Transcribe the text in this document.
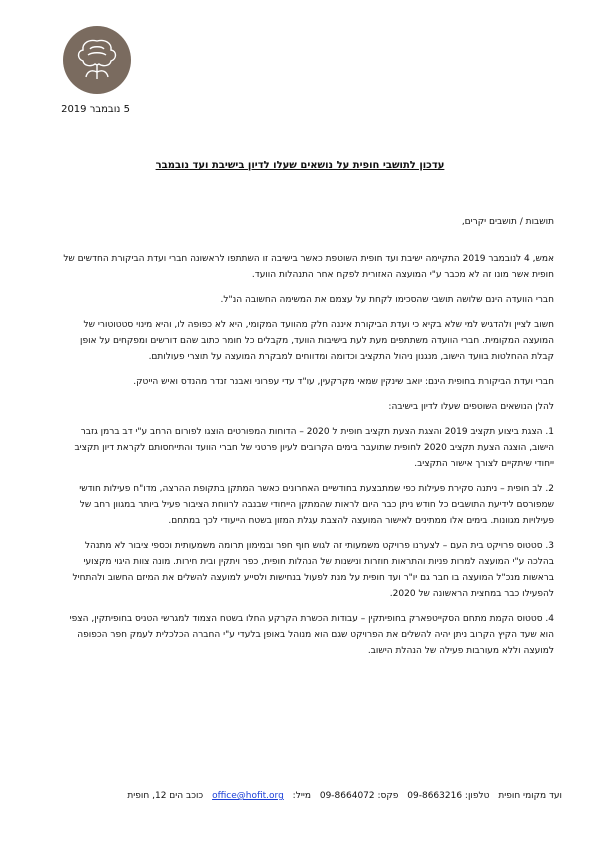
5 נובמבר 2019
עדכון לתושבי חופית על נושאים שעלו לדיון בישיבת ועד נובמבר

תושבות / תושבים יקרים,

אמש, 4 לנובמבר 2019 התקיימה ישיבת ועד חופית השוטפת כאשר בישיבה זו השתתפו לראשונה חברי ועדת הביקורת החדשים של חופית אשר מונו זה לא מכבר ע"י המועצה האזורית לפקח אחר התנהלות הוועד.

חברי הוועדה הינם שלושה תושבי שהסכימו לקחת על עצמם את המשימה החשובה הנ"ל.

חשוב לציין ולהדגיש למי שלא בקיא כי ועדת הביקורת איננה חלק מהוועד המקומי, היא לא כפופה לו, והיא מינוי סטטוטורי של המועצה המקומית. חברי הוועדה משתתפים מעת לעת בישיבות הוועד, מקבלים כל חומר כתוב שהם דורשים ומפקחים על אופן קבלת ההחלטות בוועד הישוב, מנגנון ניהול התקציב וכדומה ומדווחים למבקרת המועצה על תוצרי פעולותם.

חברי ועדת הביקורת בחופית הינם: יואב שינקין שמאי מקרקעין, עו"ד עדי עפרוני ואבנר זנדר מהנדס ואיש הייטק.

להלן הנושאים השוטפים שעלו לדיון בישיבה:

1. הצגת ביצוע תקציב 2019 והצגת הצעת תקציב חופית ל 2020 – הדוחות המפורטים הוצגו לפורום הרחב ע"י דב ברמן גזבר הישוב, הוצגה הצעת תקציב 2020 לחופית שתועבר בימים הקרובים לעיון פרטני של חברי הוועד והתייחסותם לקראת דיון תקציב ייחודי שיתקיים לצורך אישור התקציב.

2. לב חופית – ניתנה סקירת פעילות כפי שמתבצעת בחודשיים האחרונים כאשר המתקן בתקופת ההרצה, מדו"ח פעילות חודשי שמפורסם לידיעת התושבים כל חודש ניתן כבר היום לראות שהמתקן הייחודי שבנבה לרווחת הציבור פעיל ביותר במגוון רחב של פעילויות מגוונות. בימים אלו ממתינים לאישור המועצה להצבת עגלת המזון בשטח הייעודי לכך במתחם.

3. סטטוס פרויקט בית העם – לצערנו פרויקט משמעותי זה לגוש חוף חפר ובמימון תרומה משמעותית וכספי ציבור לא מתנהל בהלכה ע"י המועצה למרות פניות והתראות חוזרות ונישנות של הנהלות חופית, כפר ויתקין ובית חירות. מונה צוות היגוי מקצועי בראשות מנכ"ל המועצה בו חבר גם יו"ר ועד חופית על מנת לפעול בנחישות ולסייע למועצה להשלים את המיזם החשוב ולהתחיל להפעילו כבר במחצית הראשונה של 2020.

4. סטטוס הקמת מתחם הסקייטפארק בחופיתקין – עבודות הכשרת הקרקע החלו בשטח הצמוד למגרשי הטניס בחופיתקין, הצפי הוא שעד הקיץ הקרוב ניתן יהיה להשלים את הפרויקט שגם הוא מנוהל באופן בלעדי ע"י החברה הכלכלית לעמק חפר הכפופה למועצה וללא מעורבות פעילה של הנהלת הישוב.

ועד מקומי חופית טלפון: 09-8663216 פקס: 09-8664072 מייל: office@hofit.org כוכב הים 12, חופית
